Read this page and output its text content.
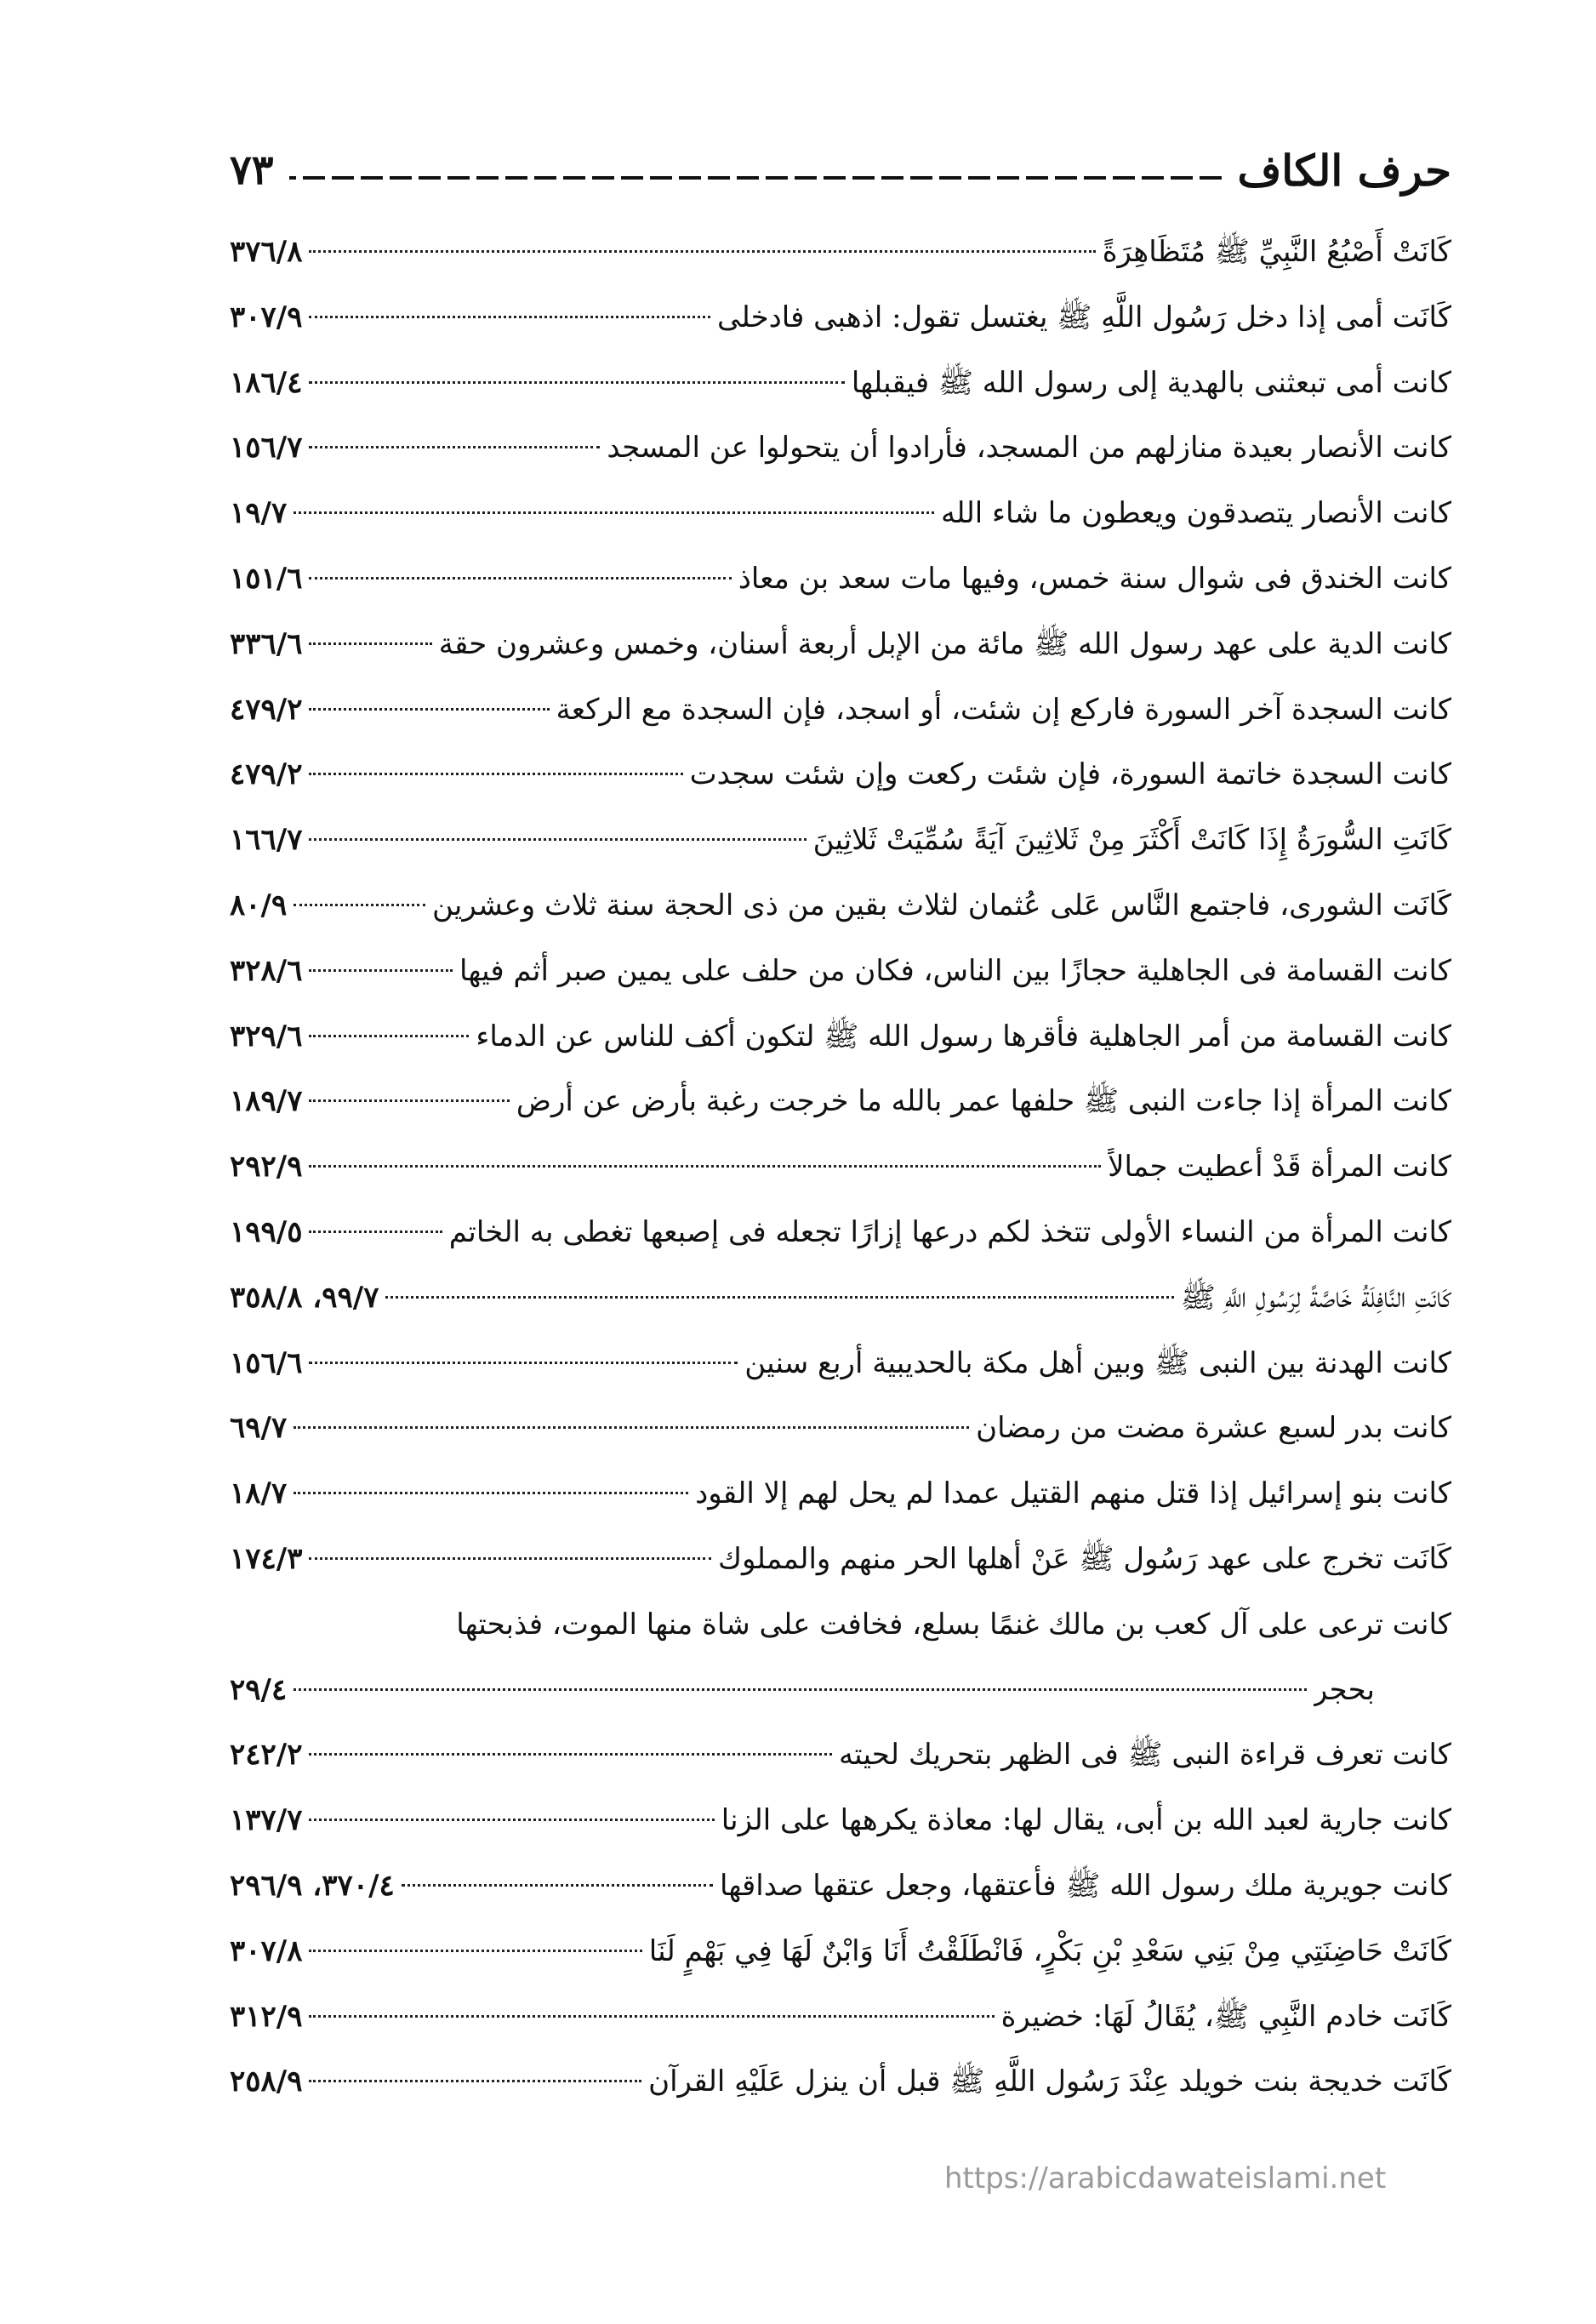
حرف الكاف
٧٣
كَانَتْ أَصْبُعُ النَّبِيِّ ﷺ مُتَظَاهِرَةً
٣٧٦/٨
كَانَت أمى إذا دخل رَسُول اللَّهِ ﷺ يغتسل تقول: اذهبى فادخلى
٣٠٧/٩
كانت أمى تبعثنى بالهدية إلى رسول الله ﷺ فيقبلها
١٨٦/٤
كانت الأنصار بعيدة منازلهم من المسجد، فأرادوا أن يتحولوا عن المسجد
١٥٦/٧
كانت الأنصار يتصدقون ويعطون ما شاء الله
١٩/٧
كانت الخندق فى شوال سنة خمس، وفيها مات سعد بن معاذ
١٥١/٦
كانت الدية على عهد رسول الله ﷺ مائة من الإبل أربعة أسنان، وخمس وعشرون حقة
٣٣٦/٦
كانت السجدة آخر السورة فاركع إن شئت، أو اسجد، فإن السجدة مع الركعة
٤٧٩/٢
كانت السجدة خاتمة السورة، فإن شئت ركعت وإن شئت سجدت
٤٧٩/٢
كَانَتِ السُّورَةُ إِذَا كَانَتْ أَكْثَرَ مِنْ ثَلاثِينَ آيَةً سُمِّيَتْ ثَلاثِينَ
١٦٦/٧
كَانَت الشورى، فاجتمع النَّاس عَلى عُثمان لثلاث بقين من ذى الحجة سنة ثلاث وعشرين
٨٠/٩
كانت القسامة فى الجاهلية حجازًا بين الناس، فكان من حلف على يمين صبر أثم فيها
٣٢٨/٦
كانت القسامة من أمر الجاهلية فأقرها رسول الله ﷺ لتكون أكف للناس عن الدماء
٣٢٩/٦
كانت المرأة إذا جاءت النبى ﷺ حلفها عمر بالله ما خرجت رغبة بأرض عن أرض
١٨٩/٧
كانت المرأة قَدْ أعطيت جمالاً
٢٩٢/٩
كانت المرأة من النساء الأولى تتخذ لكم درعها إزارًا تجعله فى إصبعها تغطى به الخاتم
١٩٩/٥
كَانَتِ النَّافِلَةُ خَاصَّةً لِرَسُولِ اللَّهِ ﷺ
٩٩/٧، ٣٥٨/٨
كانت الهدنة بين النبى ﷺ وبين أهل مكة بالحديبية أربع سنين
١٥٦/٦
كانت بدر لسبع عشرة مضت من رمضان
٦٩/٧
كانت بنو إسرائيل إذا قتل منهم القتيل عمدا لم يحل لهم إلا القود
١٨/٧
كَانَت تخرج على عهد رَسُول ﷺ عَنْ أهلها الحر منهم والمملوك
١٧٤/٣
كانت ترعى على آل كعب بن مالك غنمًا بسلع، فخافت على شاة منها الموت، فذبحتها
بحجر
٢٩/٤
كانت تعرف قراءة النبى ﷺ فى الظهر بتحريك لحيته
٢٤٢/٢
كانت جارية لعبد الله بن أبى، يقال لها: معاذة يكرهها على الزنا
١٣٧/٧
كانت جويرية ملك رسول الله ﷺ فأعتقها، وجعل عتقها صداقها
٣٧٠/٤، ٢٩٦/٩
كَانَتْ حَاضِنَتِي مِنْ بَنِي سَعْدِ بْنِ بَكْرٍ، فَانْطَلَقْتُ أَنَا وَابْنٌ لَهَا فِي بَهْمٍ لَنَا
٣٠٧/٨
كَانَت خادم النَّبِي ﷺ، يُقَالُ لَهَا: خضيرة
٣١٢/٩
كَانَت خديجة بنت خويلد عِنْدَ رَسُول اللَّهِ ﷺ قبل أن ينزل عَلَيْهِ القرآن
٢٥٨/٩
https://arabicdawateislami.net
